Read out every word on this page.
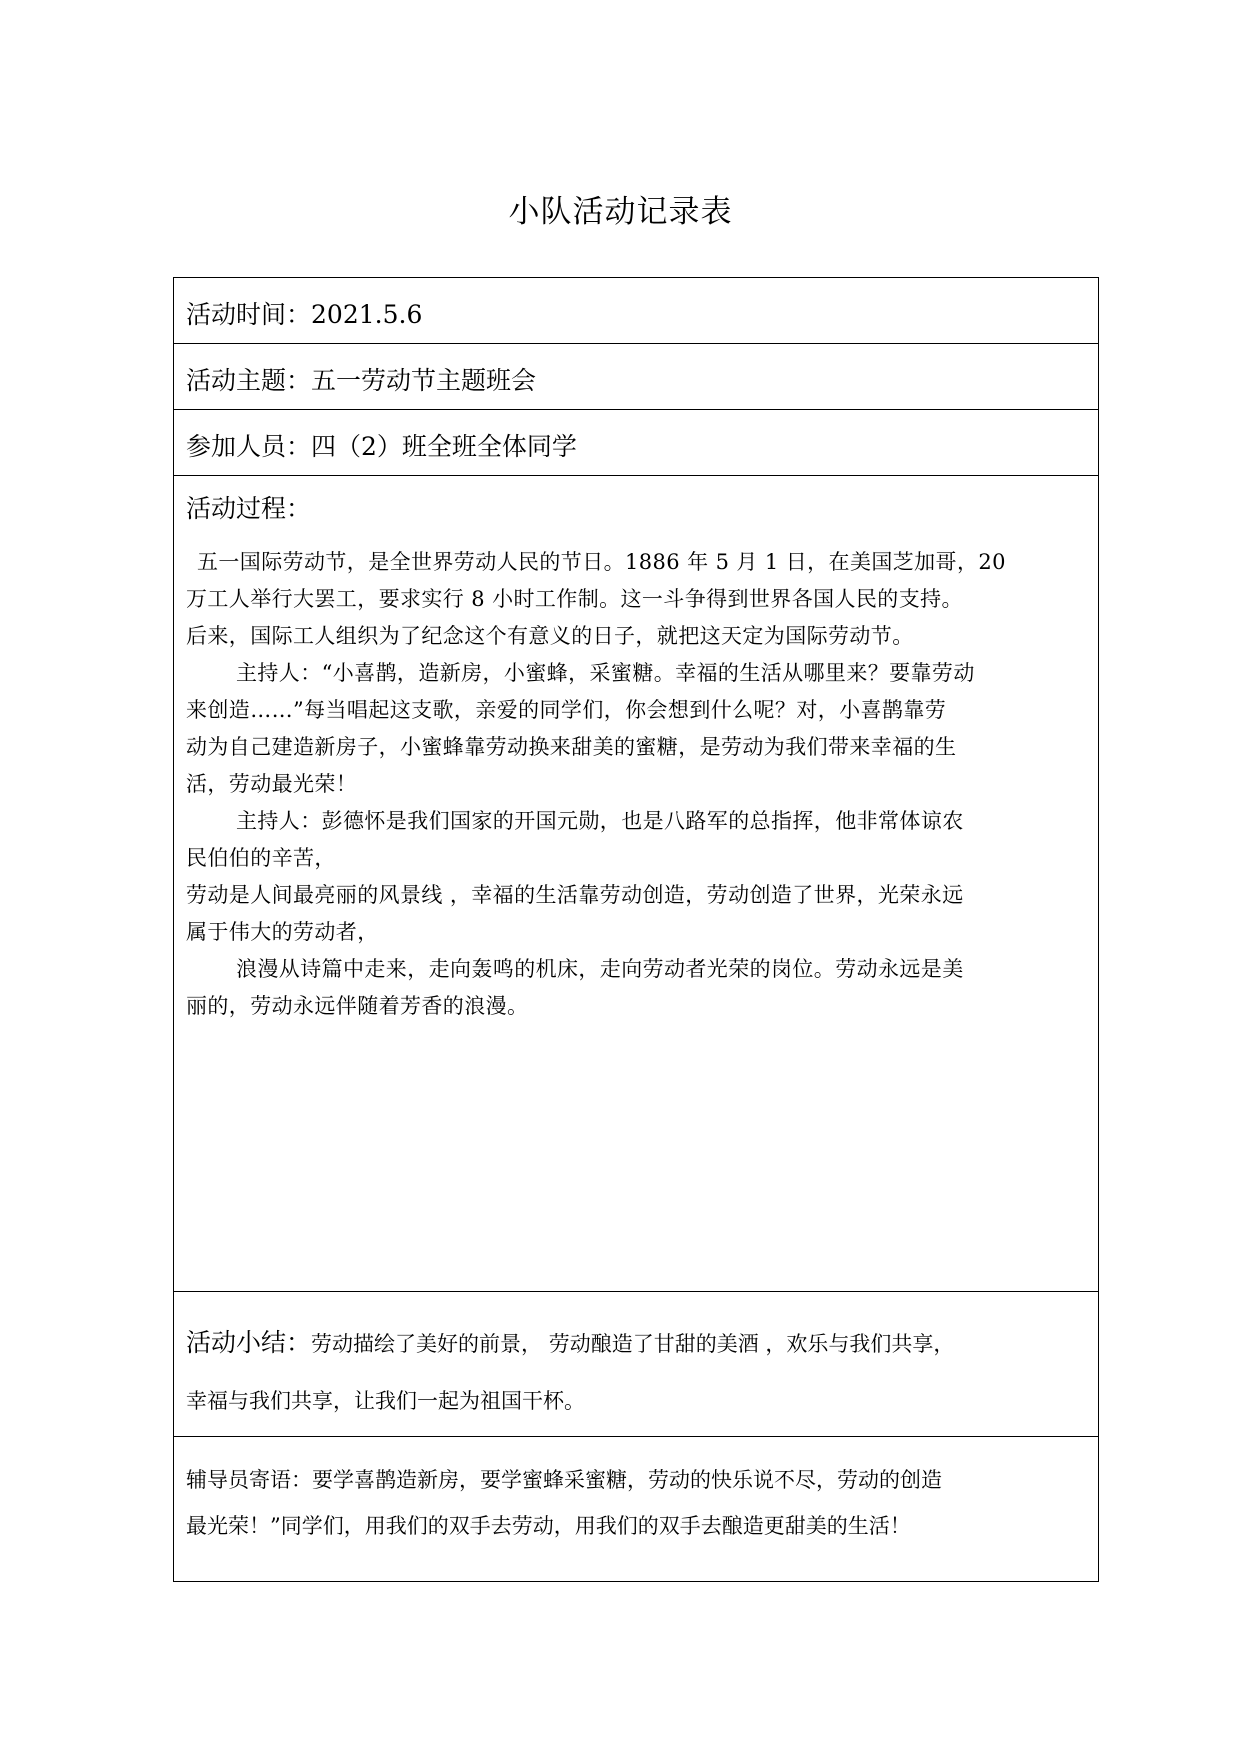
小队活动记录表
活动时间：2021.5.6
活动主题：五一劳动节主题班会
参加人员：四（2）班全班全体同学
活动过程：

五一国际劳动节，是全世界劳动人民的节日。1886 年 5 月 1 日，在美国芝加哥，20

万工人举行大罢工，要求实行 8 小时工作制。这一斗争得到世界各国人民的支持。

后来，国际工人组织为了纪念这个有意义的日子，就把这天定为国际劳动节。

主持人：“小喜鹊，造新房，小蜜蜂，采蜜糖。幸福的生活从哪里来？要靠劳动

来创造……”每当唱起这支歌，亲爱的同学们，你会想到什么呢？对，小喜鹊靠劳

动为自己建造新房子，小蜜蜂靠劳动换来甜美的蜜糖，是劳动为我们带来幸福的生

活，劳动最光荣！

主持人：彭德怀是我们国家的开国元勋，也是八路军的总指挥，他非常体谅农

民伯伯的辛苦，

劳动是人间最亮丽的风景线 ，幸福的生活靠劳动创造，劳动创造了世界，光荣永远

属于伟大的劳动者，

浪漫从诗篇中走来，走向轰鸣的机床，走向劳动者光荣的岗位。劳动永远是美

丽的，劳动永远伴随着芳香的浪漫。

活动小结：劳动描绘了美好的前景， 劳动酿造了甘甜的美酒 ，欢乐与我们共享，
幸福与我们共享，让我们一起为祖国干杯。
辅导员寄语：要学喜鹊造新房，要学蜜蜂采蜜糖，劳动的快乐说不尽，劳动的创造
最光荣！”同学们，用我们的双手去劳动，用我们的双手去酿造更甜美的生活！
